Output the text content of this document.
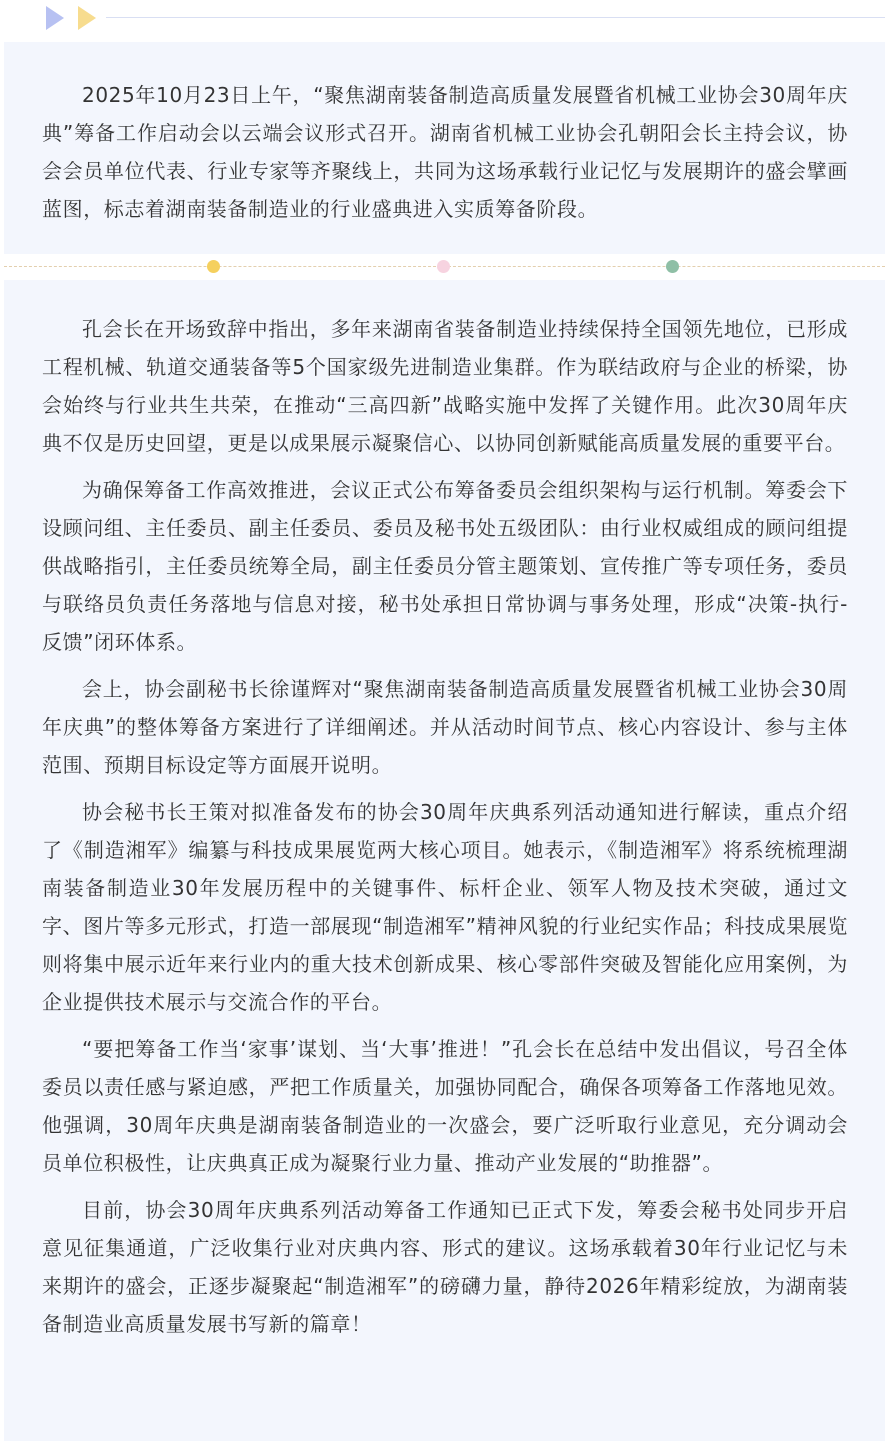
2025年10月23日上午，“聚焦湖南装备制造高质量发展暨省机械工业协会30周年庆典”筹备工作启动会以云端会议形式召开。湖南省机械工业协会孔朝阳会长主持会议，协会会员单位代表、行业专家等齐聚线上，共同为这场承载行业记忆与发展期许的盛会擘画蓝图，标志着湖南装备制造业的行业盛典进入实质筹备阶段。

孔会长在开场致辞中指出，多年来湖南省装备制造业持续保持全国领先地位，已形成工程机械、轨道交通装备等5个国家级先进制造业集群。作为联结政府与企业的桥梁，协会始终与行业共生共荣，在推动“三高四新”战略实施中发挥了关键作用。此次30周年庆典不仅是历史回望，更是以成果展示凝聚信心、以协同创新赋能高质量发展的重要平台。

为确保筹备工作高效推进，会议正式公布筹备委员会组织架构与运行机制。筹委会下设顾问组、主任委员、副主任委员、委员及秘书处五级团队：由行业权威组成的顾问组提供战略指引，主任委员统筹全局，副主任委员分管主题策划、宣传推广等专项任务，委员与联络员负责任务落地与信息对接，秘书处承担日常协调与事务处理，形成“决策-执行-反馈”闭环体系。

会上，协会副秘书长徐谨辉对“聚焦湖南装备制造高质量发展暨省机械工业协会30周年庆典”的整体筹备方案进行了详细阐述。并从活动时间节点、核心内容设计、参与主体范围、预期目标设定等方面展开说明。

协会秘书长王策对拟准备发布的协会30周年庆典系列活动通知进行解读，重点介绍了《制造湘军》编纂与科技成果展览两大核心项目。她表示，《制造湘军》将系统梳理湖南装备制造业30年发展历程中的关键事件、标杆企业、领军人物及技术突破，通过文字、图片等多元形式，打造一部展现“制造湘军”精神风貌的行业纪实作品；科技成果展览则将集中展示近年来行业内的重大技术创新成果、核心零部件突破及智能化应用案例，为企业提供技术展示与交流合作的平台。

“要把筹备工作当‘家事’谋划、当‘大事’推进！”孔会长在总结中发出倡议，号召全体委员以责任感与紧迫感，严把工作质量关，加强协同配合，确保各项筹备工作落地见效。他强调，30周年庆典是湖南装备制造业的一次盛会，要广泛听取行业意见，充分调动会员单位积极性，让庆典真正成为凝聚行业力量、推动产业发展的“助推器”。

目前，协会30周年庆典系列活动筹备工作通知已正式下发，筹委会秘书处同步开启意见征集通道，广泛收集行业对庆典内容、形式的建议。这场承载着30年行业记忆与未来期许的盛会，正逐步凝聚起“制造湘军”的磅礴力量，静待2026年精彩绽放，为湖南装备制造业高质量发展书写新的篇章！
